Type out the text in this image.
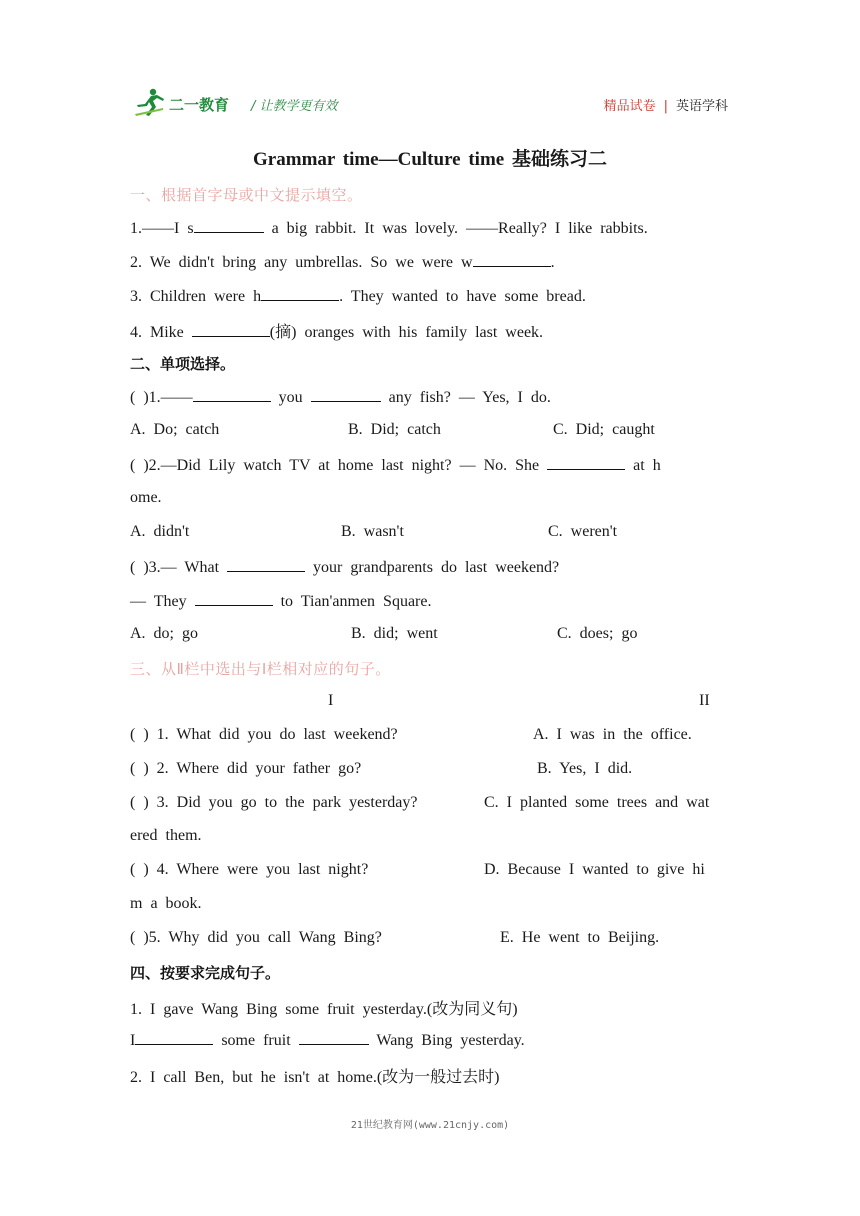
二一教育 / 让教学更有效	精品试卷 | 英语学科
Grammar time—Culture time 基础练习二
一、根据首字母或中文提示填空。
1.——I s	a big rabbit. It was lovely. ——Really? I like rabbits.
2. We didn't bring any umbrellas. So we were w	.
3. Children were h	. They wanted to have some bread.
4. Mike	(摘) oranges with his family last week.
二、单项选择。
( )1.——	you	any fish? — Yes, I do.
A. Do; catch	B. Did; catch	C. Did; caught
( )2.—Did Lily watch TV at home last night? — No. She	at h
ome.
A. didn't	B. wasn't	C. weren't
( )3.— What	your grandparents do last weekend?
— They	to Tian'anmen Square.
A. do; go	B. did; went	C. does; go
三、从Ⅱ栏中选出与Ⅰ栏相对应的句子。
I	II
( ) 1. What did you do last weekend?	A. I was in the office.
( ) 2. Where did your father go?	B. Yes, I did.
( ) 3. Did you go to the park yesterday?	C. I planted some trees and wat
ered them.
( ) 4. Where were you last night?	D. Because I wanted to give hi
m a book.
( )5. Why did you call Wang Bing?	E. He went to Beijing.
四、按要求完成句子。
1. I gave Wang Bing some fruit yesterday.(改为同义句)
I	some fruit	Wang Bing yesterday.
2. I call Ben, but he isn't at home.(改为一般过去时)
21世纪教育网(www.21cnjy.com)
